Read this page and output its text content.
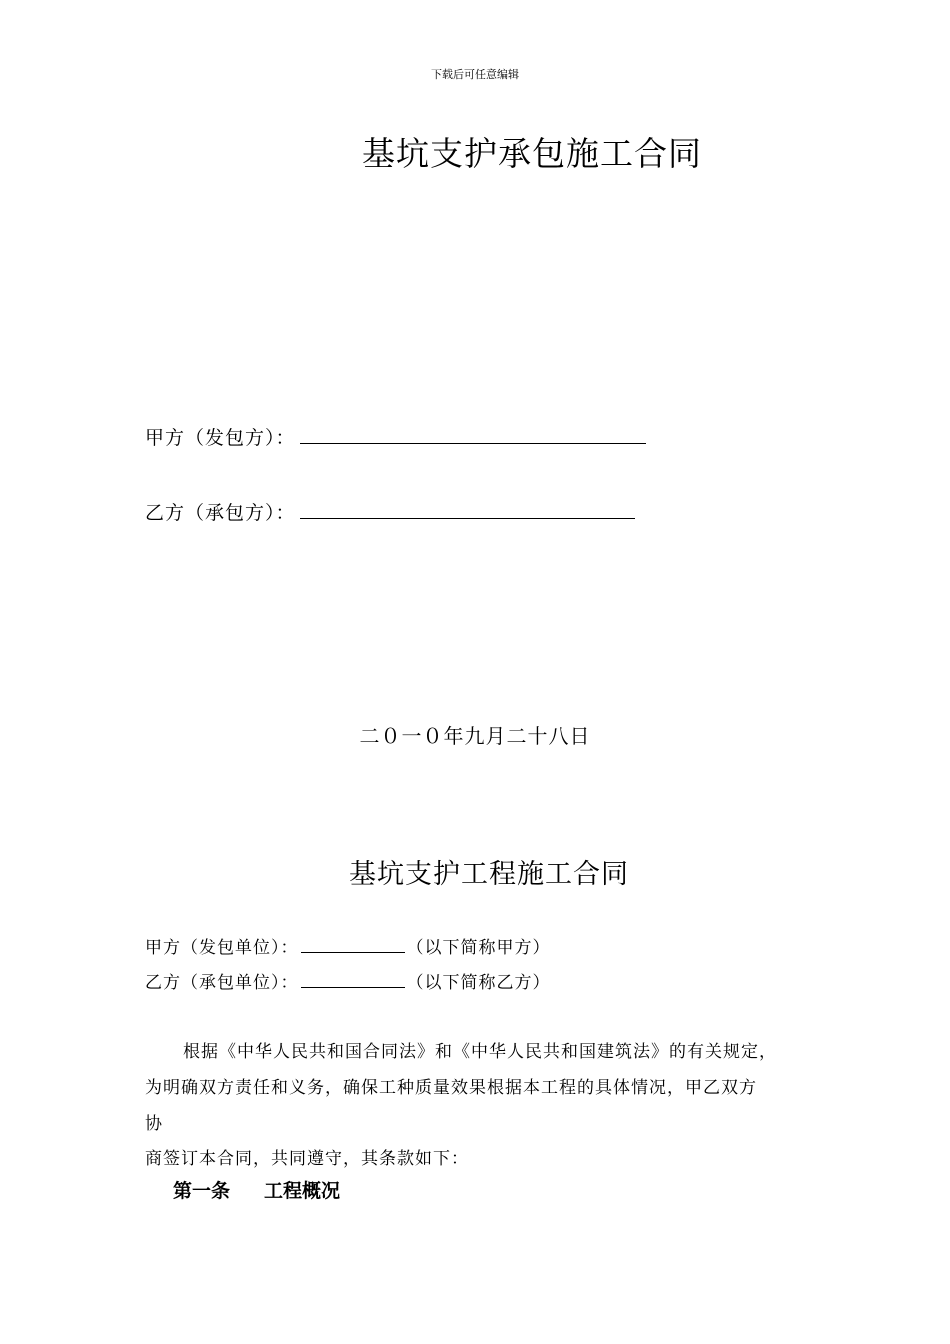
下载后可任意编辑
基坑支护承包施工合同
甲方（发包方）：
乙方（承包方）：
二０一０年九月二十八日
基坑支护工程施工合同
甲方（发包单位）：	（以下简称甲方）
乙方（承包单位）：	（以下简称乙方）
根据《中华人民共和国合同法》和《中华人民共和国建筑法》的有关规定，
为明确双方责任和义务，确保工种质量效果根据本工程的具体情况，甲乙双方
协
商签订本合同，共同遵守，其条款如下：
第一条 工程概况
